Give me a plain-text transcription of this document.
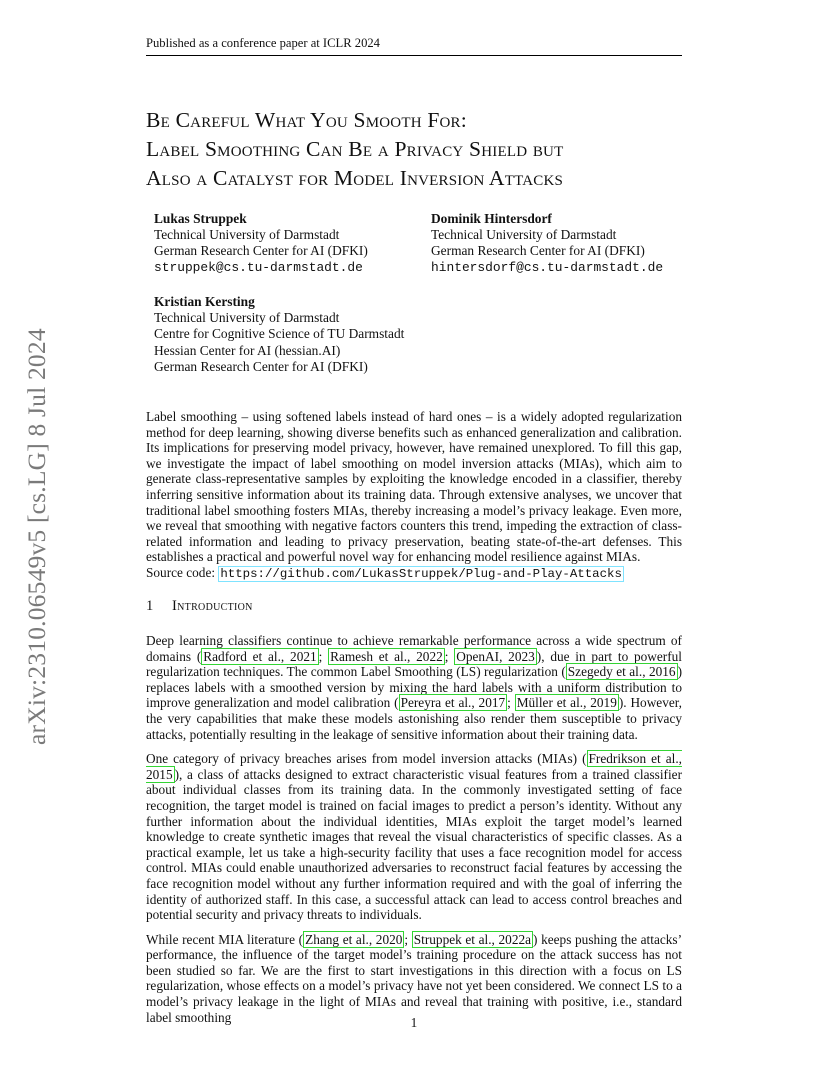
Published as a conference paper at ICLR 2024
arXiv:2310.06549v5 [cs.LG] 8 Jul 2024
Be Careful What You Smooth For:
Label Smoothing Can Be a Privacy Shield but
Also a Catalyst for Model Inversion Attacks
Lukas Struppek
Technical University of Darmstadt
German Research Center for AI (DFKI)
struppek@cs.tu-darmstadt.de
Dominik Hintersdorf
Technical University of Darmstadt
German Research Center for AI (DFKI)
hintersdorf@cs.tu-darmstadt.de
Kristian Kersting
Technical University of Darmstadt
Centre for Cognitive Science of TU Darmstadt
Hessian Center for AI (hessian.AI)
German Research Center for AI (DFKI)

Label smoothing – using softened labels instead of hard ones – is a widely adopted regularization method for deep learning, showing diverse benefits such as enhanced generalization and calibration. Its implications for preserving model privacy, however, have remained unexplored. To fill this gap, we investigate the impact of label smoothing on model inversion attacks (MIAs), which aim to generate class-representative samples by exploiting the knowledge encoded in a classifier, thereby inferring sensitive information about its training data. Through extensive analyses, we uncover that traditional label smoothing fosters MIAs, thereby increasing a model’s privacy leakage. Even more, we reveal that smoothing with negative factors counters this trend, impeding the extraction of class-related information and leading to privacy preservation, beating state-of-the-art defenses. This establishes a practical and powerful novel way for enhancing model resilience against MIAs.

Source code: https://github.com/LukasStruppek/Plug-and-Play-Attacks
1 Introduction

Deep learning classifiers continue to achieve remarkable performance across a wide spectrum of domains ( Radford et al., 2021 ; Ramesh et al., 2022 ; OpenAI, 2023 ), due in part to powerful regularization techniques. The common Label Smoothing (LS) regularization ( Szegedy et al., 2016 ) replaces labels with a smoothed version by mixing the hard labels with a uniform distribution to improve generalization and model calibration ( Pereyra et al., 2017 ; Müller et al., 2019 ). However, the very capabilities that make these models astonishing also render them susceptible to privacy attacks, potentially resulting in the leakage of sensitive information about their training data.

One category of privacy breaches arises from model inversion attacks (MIAs) ( Fredrikson et al., 2015 ), a class of attacks designed to extract characteristic visual features from a trained classifier about individual classes from its training data. In the commonly investigated setting of face recognition, the target model is trained on facial images to predict a person’s identity. Without any further information about the individual identities, MIAs exploit the target model’s learned knowledge to create synthetic images that reveal the visual characteristics of specific classes. As a practical example, let us take a high-security facility that uses a face recognition model for access control. MIAs could enable unauthorized adversaries to reconstruct facial features by accessing the face recognition model without any further information required and with the goal of inferring the identity of authorized staff. In this case, a successful attack can lead to access control breaches and potential security and privacy threats to individuals.

While recent MIA literature ( Zhang et al., 2020 ; Struppek et al., 2022a ) keeps pushing the attacks’ performance, the influence of the target model’s training procedure on the attack success has not been studied so far. We are the first to start investigations in this direction with a focus on LS regularization, whose effects on a model’s privacy have not yet been considered. We connect LS to a model’s privacy leakage in the light of MIAs and reveal that training with positive, i.e., standard label smoothing	1
